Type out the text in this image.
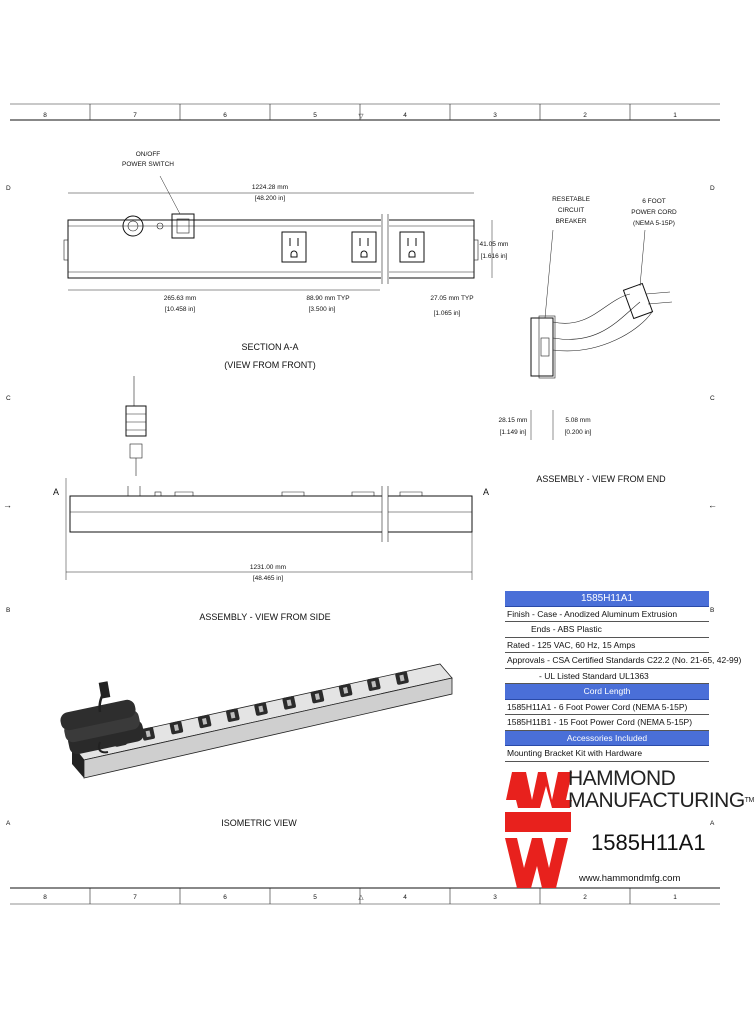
8	7	6	5	▽	4	3	2	1
8	7	6	5	△	4	3	2	1
D
C
B
A
D
C
B
A
→	←
ON/OFF
POWER SWITCH
1224.28 mm
[48.200 in]
265.63 mm
[10.458 in]
88.90 mm TYP
[3.500 in]
27.05 mm TYP
[1.065 in]
41.05 mm
[1.616 in]
SECTION A-A
(VIEW FROM FRONT)
RESETABLE
CIRCUIT
BREAKER
6 FOOT
POWER CORD
(NEMA 5-15P)
28.15 mm
[1.149 in]
5.08 mm
[0.200 in]
ASSEMBLY - VIEW FROM END
A	A
1231.00 mm
[48.465 in]
ASSEMBLY - VIEW FROM SIDE
ISOMETRIC VIEW
1585H11A1
Finish - Case - Anodized Aluminum Extrusion
Ends - ABS Plastic
Rated - 125 VAC, 60 Hz, 15 Amps
Approvals - CSA Certified Standards C22.2 (No. 21-65, 42-99)
- UL Listed Standard UL1363
Cord Length
1585H11A1 - 6 Foot Power Cord (NEMA 5-15P)
1585H11B1 - 15 Foot Power Cord (NEMA 5-15P)
Accessories Included
Mounting Bracket Kit with Hardware
HAMMOND
MANUFACTURING™
1585H11A1
www.hammondmfg.com
